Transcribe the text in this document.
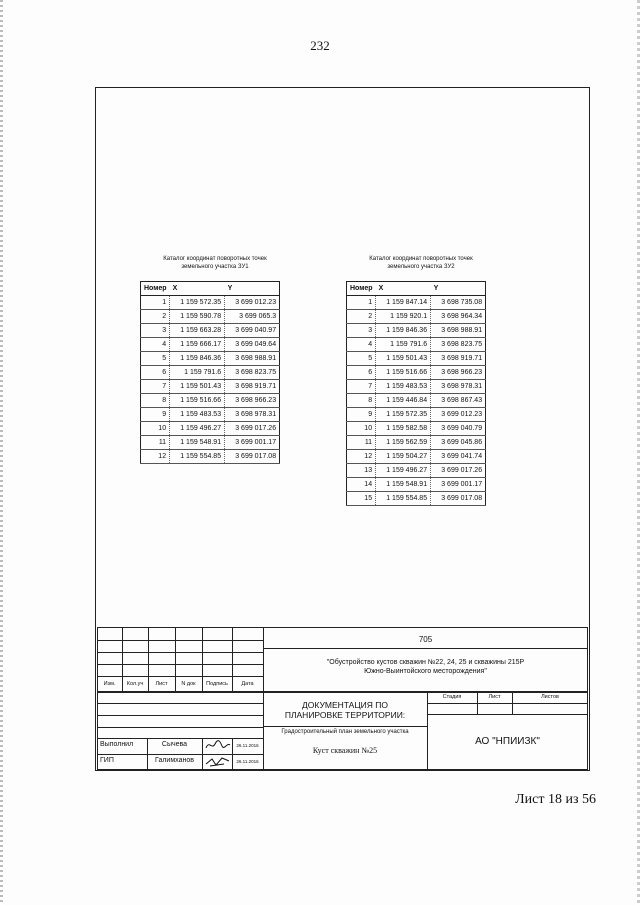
232
Каталог координат поворотных точек
земельного участка ЗУ1
Номер	X	Y
1	1 159 572.35	3 699 012.23
2	1 159 590.78	3 699 065.3
3	1 159 663.28	3 699 040.97
4	1 159 666.17	3 699 049.64
5	1 159 846.36	3 698 988.91
6	1 159 791.6	3 698 823.75
7	1 159 501.43	3 698 919.71
8	1 159 516.66	3 698 966.23
9	1 159 483.53	3 698 978.31
10	1 159 496.27	3 699 017.26
11	1 159 548.91	3 699 001.17
12	1 159 554.85	3 699 017.08
Каталог координат поворотных точек
земельного участка ЗУ2
Номер	X	Y
1	1 159 847.14	3 698 735.08
2	1 159 920.1	3 698 964.34
3	1 159 846.36	3 698 988.91
4	1 159 791.6	3 698 823.75
5	1 159 501.43	3 698 919.71
6	1 159 516.66	3 698 966.23
7	1 159 483.53	3 698 978.31
8	1 159 446.84	3 698 867.43
9	1 159 572.35	3 699 012.23
10	1 159 582.58	3 699 040.79
11	1 159 562.59	3 699 045.86
12	1 159 504.27	3 699 041.74
13	1 159 496.27	3 699 017.26
14	1 159 548.91	3 699 001.17
15	1 159 554.85	3 699 017.08
705
"Обустройство кустов скважин №22, 24, 25 и скважины 215Р
Южно-Выинтойского месторождения"
Изм.	Кол.уч	Лист	N док	Подпись	Дата
ДОКУМЕНТАЦИЯ ПО
ПЛАНИРОВКЕ ТЕРРИТОРИИ:
Градостроительный план земельного участка
Куст скважин №25
Стадия	Лист	Листов
АО "НПИИЗК"
Выполнил	Сычева	26.11.2016
ГИП	Галимханов	26.11.2016
Лист 18 из 56
